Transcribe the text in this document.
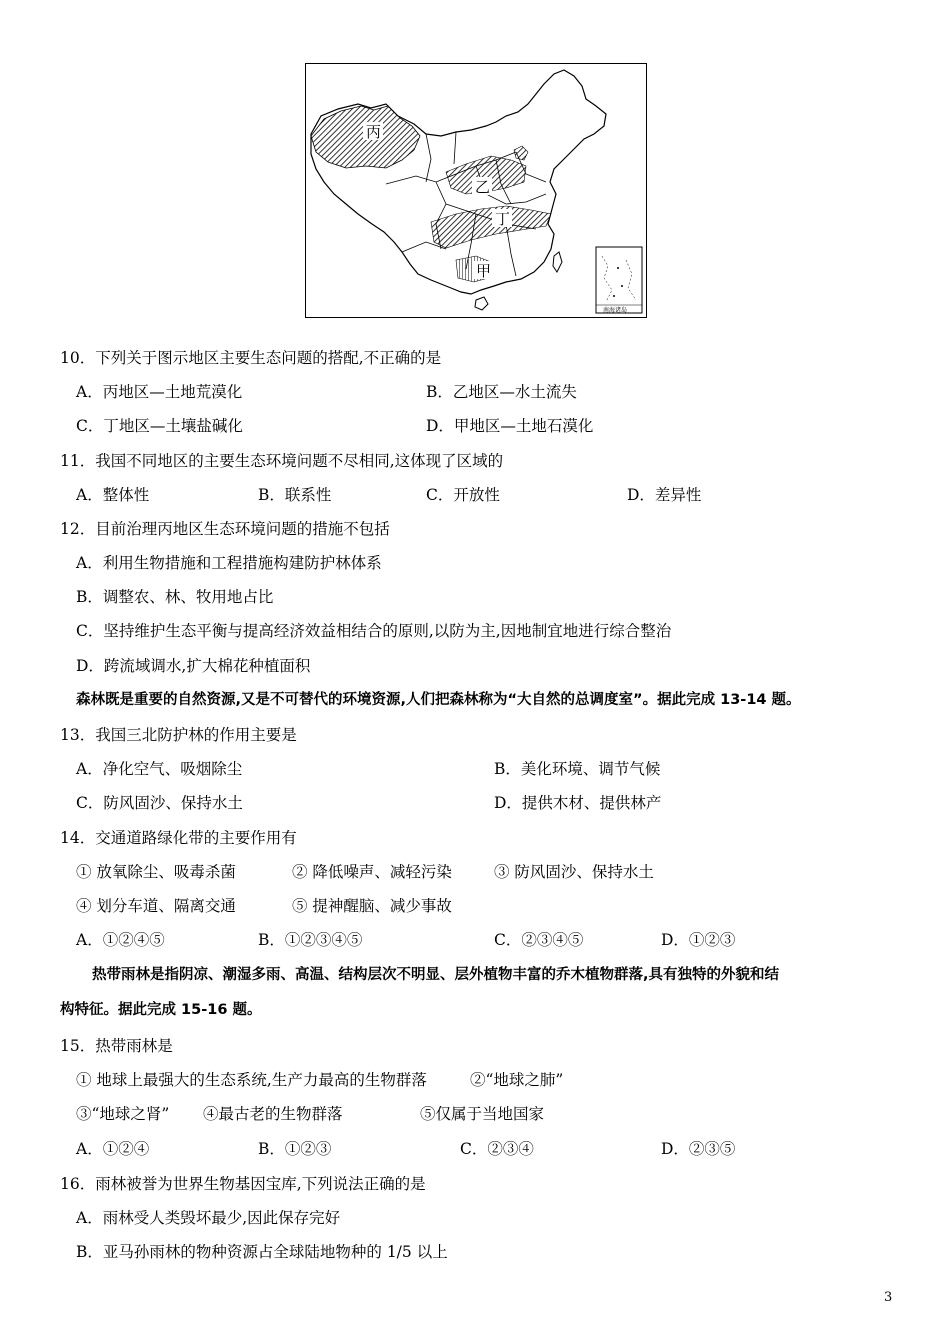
丙
乙
丁
甲
南海诸岛
10．下列关于图示地区主要生态问题的搭配,不正确的是
A．丙地区—土地荒漠化	B．乙地区—水土流失
C．丁地区—土壤盐碱化	D．甲地区—土地石漠化
11．我国不同地区的主要生态环境问题不尽相同,这体现了区域的
A．整体性	B．联系性	C．开放性	D．差异性
12．目前治理丙地区生态环境问题的措施不包括
A．利用生物措施和工程措施构建防护林体系
B．调整农、林、牧用地占比
C．坚持维护生态平衡与提高经济效益相结合的原则,以防为主,因地制宜地进行综合整治
D．跨流域调水,扩大棉花种植面积
森林既是重要的自然资源,又是不可替代的环境资源,人们把森林称为“大自然的总调度室”。据此完成 13-14 题。
13．我国三北防护林的作用主要是
A．净化空气、吸烟除尘	B．美化环境、调节气候
C．防风固沙、保持水土	D．提供木材、提供林产
14．交通道路绿化带的主要作用有
① 放氧除尘、吸毒杀菌	② 降低噪声、减轻污染	③ 防风固沙、保持水土
④ 划分车道、隔离交通	⑤ 提神醒脑、减少事故
A．①②④⑤	B．①②③④⑤	C．②③④⑤	D．①②③
热带雨林是指阴凉、潮湿多雨、高温、结构层次不明显、层外植物丰富的乔木植物群落,具有独特的外貌和结
构特征。据此完成 15-16 题。
15．热带雨林是
① 地球上最强大的生态系统,生产力最高的生物群落	②“地球之肺”
③“地球之肾” ④最古老的生物群落	⑤仅属于当地国家
A．①②④	B．①②③	C．②③④	D．②③⑤
16．雨林被誉为世界生物基因宝库,下列说法正确的是
A．雨林受人类毁坏最少,因此保存完好
B．亚马孙雨林的物种资源占全球陆地物种的 1/5 以上
3
